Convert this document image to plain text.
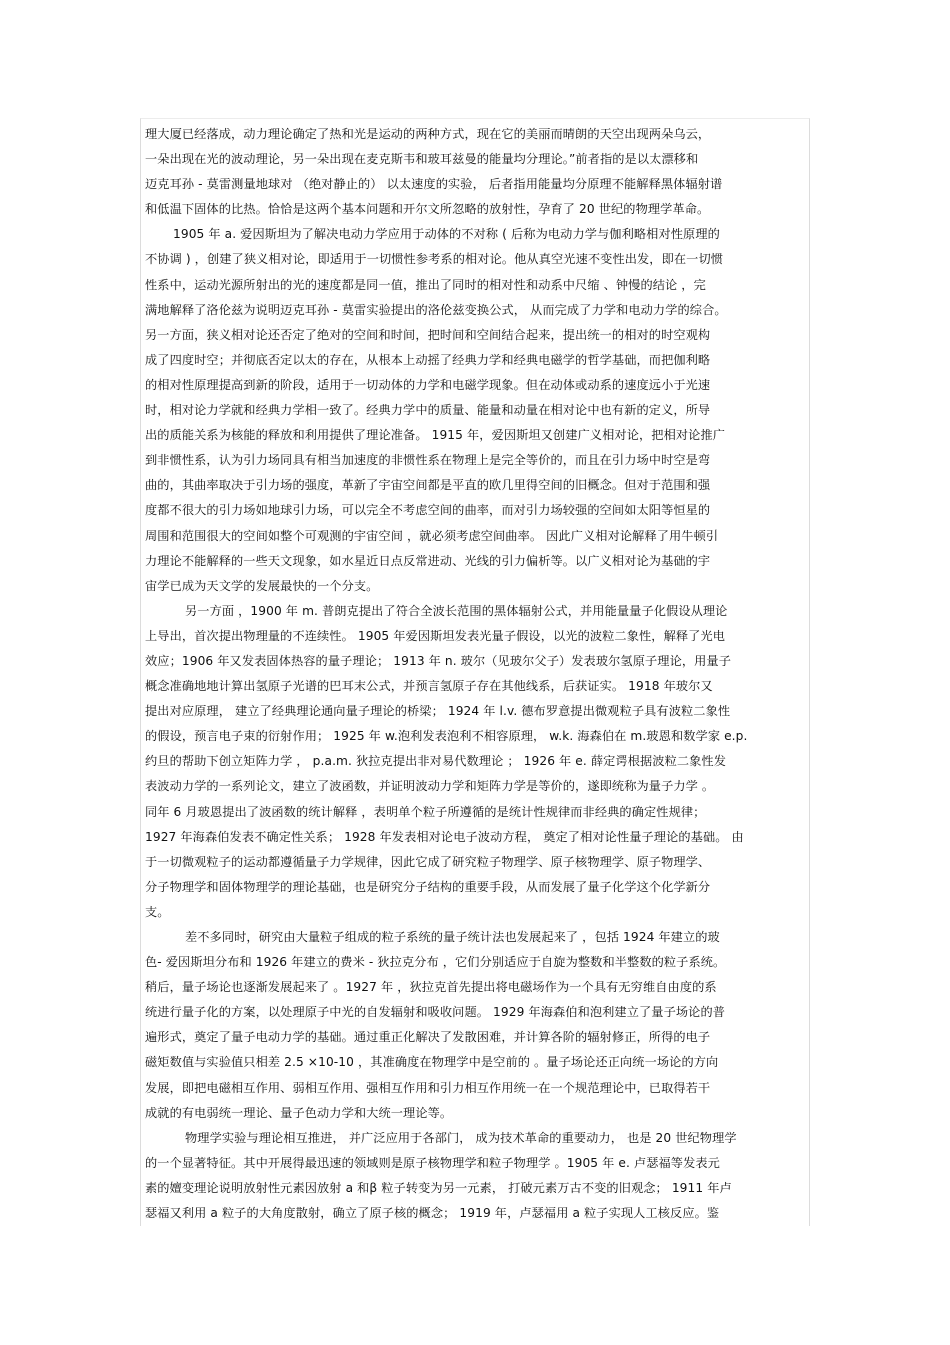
理大厦已经落成，动力理论确定了热和光是运动的两种方式，现在它的美丽而晴朗的天空出现两朵乌云，
一朵出现在光的波动理论，另一朵出现在麦克斯韦和玻耳兹曼的能量均分理论。”前者指的是以太漂移和
迈克耳孙 - 莫雷测量地球对 （绝对静止的） 以太速度的实验， 后者指用能量均分原理不能解释黑体辐射谱
和低温下固体的比热。恰恰是这两个基本问题和开尔文所忽略的放射性，孕育了 20 世纪的物理学革命。
1905 年 a. 爱因斯坦为了解决电动力学应用于动体的不对称 ( 后称为电动力学与伽利略相对性原理的
不协调 ) ，创建了狭义相对论，即适用于一切惯性参考系的相对论。他从真空光速不变性出发，即在一切惯
性系中，运动光源所射出的光的速度都是同一值，推出了同时的相对性和动系中尺缩 、钟慢的结论 ，完
满地解释了洛伦兹为说明迈克耳孙 - 莫雷实验提出的洛伦兹变换公式， 从而完成了力学和电动力学的综合。
另一方面，狭义相对论还否定了绝对的空间和时间，把时间和空间结合起来，提出统一的相对的时空观构
成了四度时空；并彻底否定以太的存在，从根本上动摇了经典力学和经典电磁学的哲学基础，而把伽利略
的相对性原理提高到新的阶段，适用于一切动体的力学和电磁学现象。但在动体或动系的速度远小于光速
时，相对论力学就和经典力学相一致了。经典力学中的质量、能量和动量在相对论中也有新的定义，所导
出的质能关系为核能的释放和利用提供了理论准备。 1915 年，爱因斯坦又创建广义相对论，把相对论推广
到非惯性系，认为引力场同具有相当加速度的非惯性系在物理上是完全等价的，而且在引力场中时空是弯
曲的，其曲率取决于引力场的强度，革新了宇宙空间都是平直的欧几里得空间的旧概念。但对于范围和强
度都不很大的引力场如地球引力场，可以完全不考虑空间的曲率，而对引力场较强的空间如太阳等恒星的
周围和范围很大的空间如整个可观测的宇宙空间 ，就必须考虑空间曲率。 因此广义相对论解释了用牛顿引
力理论不能解释的一些天文现象，如水星近日点反常进动、光线的引力偏析等。以广义相对论为基础的宇
宙学已成为天文学的发展最快的一个分支。
另一方面 ，1900 年 m. 普朗克提出了符合全波长范围的黑体辐射公式，并用能量量子化假设从理论
上导出，首次提出物理量的不连续性。 1905 年爱因斯坦发表光量子假设，以光的波粒二象性，解释了光电
效应；1906 年又发表固体热容的量子理论； 1913 年 n. 玻尔（见玻尔父子）发表玻尔氢原子理论，用量子
概念准确地地计算出氢原子光谱的巴耳末公式，并预言氢原子存在其他线系，后获证实。 1918 年玻尔又
提出对应原理， 建立了经典理论通向量子理论的桥梁； 1924 年 l.v. 德布罗意提出微观粒子具有波粒二象性
的假设，预言电子束的衍射作用； 1925 年 w.泡利发表泡利不相容原理， w.k. 海森伯在 m.玻恩和数学家 e.p.
约旦的帮助下创立矩阵力学 ， p.a.m. 狄拉克提出非对易代数理论 ； 1926 年 e. 薛定谔根据波粒二象性发
表波动力学的一系列论文，建立了波函数，并证明波动力学和矩阵力学是等价的，遂即统称为量子力学 。
同年 6 月玻恩提出了波函数的统计解释 ，表明单个粒子所遵循的是统计性规律而非经典的确定性规律；
1927 年海森伯发表不确定性关系； 1928 年发表相对论电子波动方程， 奠定了相对论性量子理论的基础。 由
于一切微观粒子的运动都遵循量子力学规律，因此它成了研究粒子物理学、原子核物理学、原子物理学、
分子物理学和固体物理学的理论基础，也是研究分子结构的重要手段，从而发展了量子化学这个化学新分
支。
差不多同时，研究由大量粒子组成的粒子系统的量子统计法也发展起来了 ，包括 1924 年建立的玻
色- 爱因斯坦分布和 1926 年建立的费米 - 狄拉克分布 ，它们分别适应于自旋为整数和半整数的粒子系统。
稍后，量子场论也逐渐发展起来了 。1927 年 ，狄拉克首先提出将电磁场作为一个具有无穷维自由度的系
统进行量子化的方案，以处理原子中光的自发辐射和吸收问题。 1929 年海森伯和泡利建立了量子场论的普
遍形式，奠定了量子电动力学的基础。通过重正化解决了发散困难，并计算各阶的辐射修正，所得的电子
磁矩数值与实验值只相差 2.5 ×10-10 ，其准确度在物理学中是空前的 。量子场论还正向统一场论的方向
发展，即把电磁相互作用、弱相互作用、强相互作用和引力相互作用统一在一个规范理论中，已取得若干
成就的有电弱统一理论、量子色动力学和大统一理论等。
物理学实验与理论相互推进， 并广泛应用于各部门， 成为技术革命的重要动力， 也是 20 世纪物理学
的一个显著特征。其中开展得最迅速的领域则是原子核物理学和粒子物理学 。1905 年 e. 卢瑟福等发表元
素的嬗变理论说明放射性元素因放射 a 和β 粒子转变为另一元素， 打破元素万古不变的旧观念； 1911 年卢
瑟福又利用 a 粒子的大角度散射，确立了原子核的概念； 1919 年，卢瑟福用 a 粒子实现人工核反应。鉴
